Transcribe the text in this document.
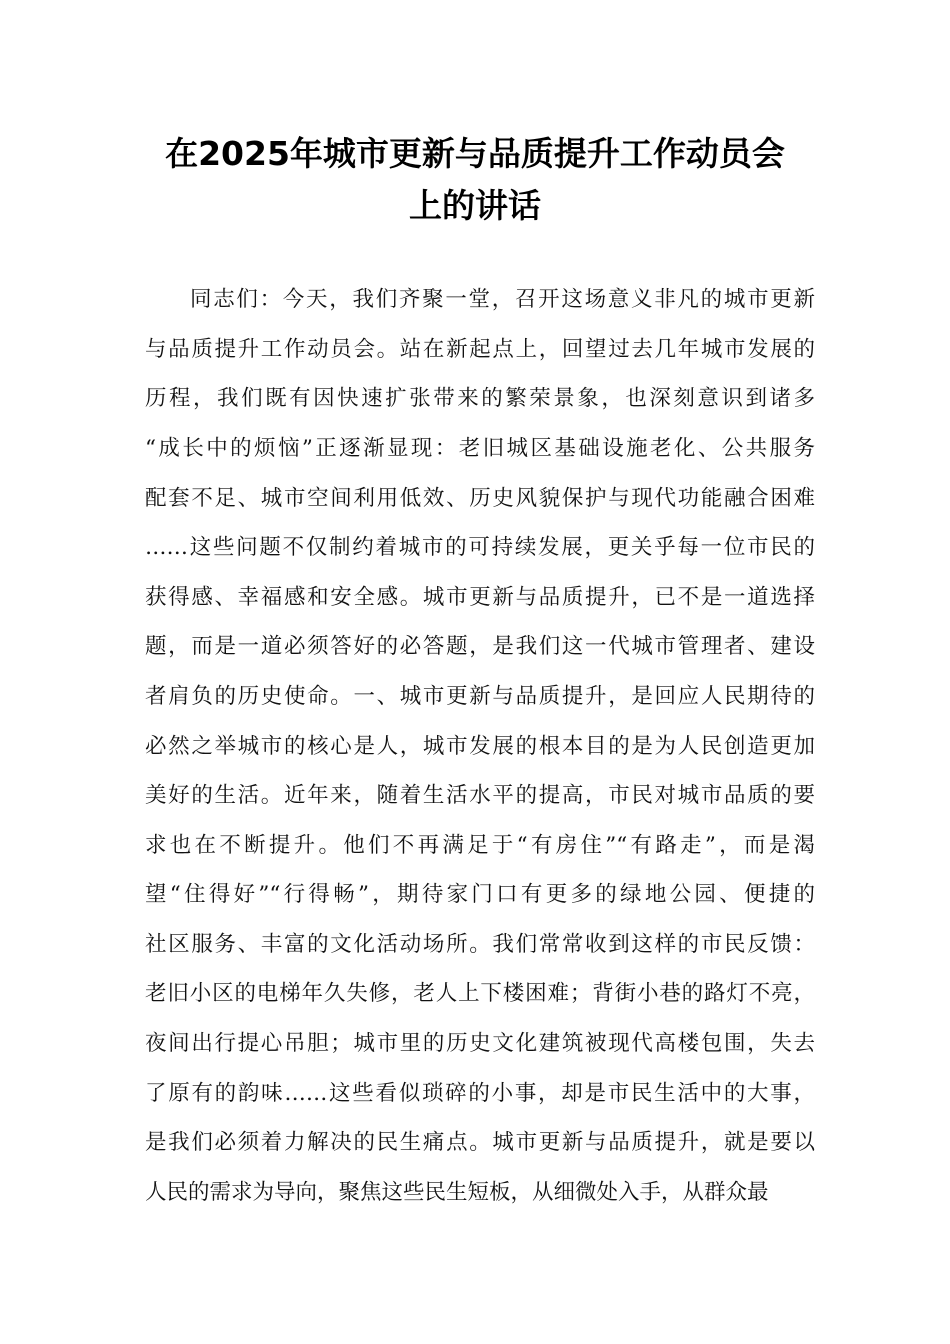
在2025年城市更新与品质提升工作动员会
上的讲话

同志们：今天，我们齐聚一堂，召开这场意义非凡的城市更新

与品质提升工作动员会。站在新起点上，回望过去几年城市发展的

历程，我们既有因快速扩张带来的繁荣景象，也深刻意识到诸多

“成长中的烦恼”正逐渐显现：老旧城区基础设施老化、公共服务

配套不足、城市空间利用低效、历史风貌保护与现代功能融合困难

……这些问题不仅制约着城市的可持续发展，更关乎每一位市民的

获得感、幸福感和安全感。城市更新与品质提升，已不是一道选择

题，而是一道必须答好的必答题，是我们这一代城市管理者、建设

者肩负的历史使命。一、城市更新与品质提升，是回应人民期待的

必然之举城市的核心是人，城市发展的根本目的是为人民创造更加

美好的生活。近年来，随着生活水平的提高，市民对城市品质的要

求也在不断提升。他们不再满足于“有房住”“有路走”，而是渴

望“住得好”“行得畅”，期待家门口有更多的绿地公园、便捷的

社区服务、丰富的文化活动场所。我们常常收到这样的市民反馈：

老旧小区的电梯年久失修，老人上下楼困难；背街小巷的路灯不亮，

夜间出行提心吊胆；城市里的历史文化建筑被现代高楼包围，失去

了原有的韵味……这些看似琐碎的小事，却是市民生活中的大事，

是我们必须着力解决的民生痛点。城市更新与品质提升，就是要以

人民的需求为导向，聚焦这些民生短板，从细微处入手，从群众最
